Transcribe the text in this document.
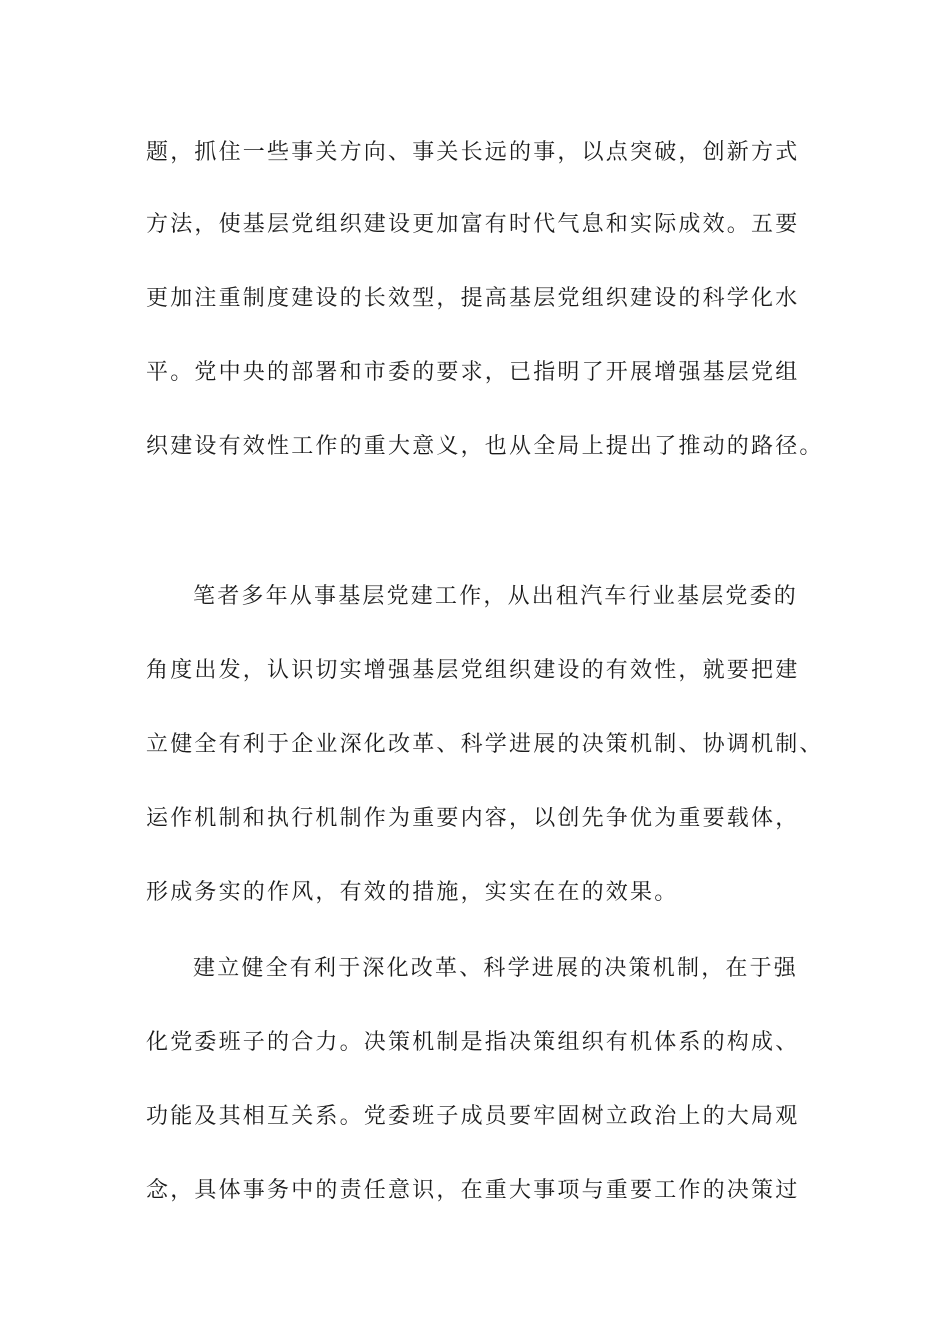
题，抓住一些事关方向、事关长远的事，以点突破，创新方式
方法，使基层党组织建设更加富有时代气息和实际成效。五要
更加注重制度建设的长效型，提高基层党组织建设的科学化水
平。党中央的部署和市委的要求，已指明了开展增强基层党组
织建设有效性工作的重大意义，也从全局上提出了推动的路径。
笔者多年从事基层党建工作，从出租汽车行业基层党委的
角度出发，认识切实增强基层党组织建设的有效性，就要把建
立健全有利于企业深化改革、科学进展的决策机制、协调机制、
运作机制和执行机制作为重要内容，以创先争优为重要载体，
形成务实的作风，有效的措施，实实在在的效果。
建立健全有利于深化改革、科学进展的决策机制，在于强
化党委班子的合力。决策机制是指决策组织有机体系的构成、
功能及其相互关系。党委班子成员要牢固树立政治上的大局观
念，具体事务中的责任意识，在重大事项与重要工作的决策过
